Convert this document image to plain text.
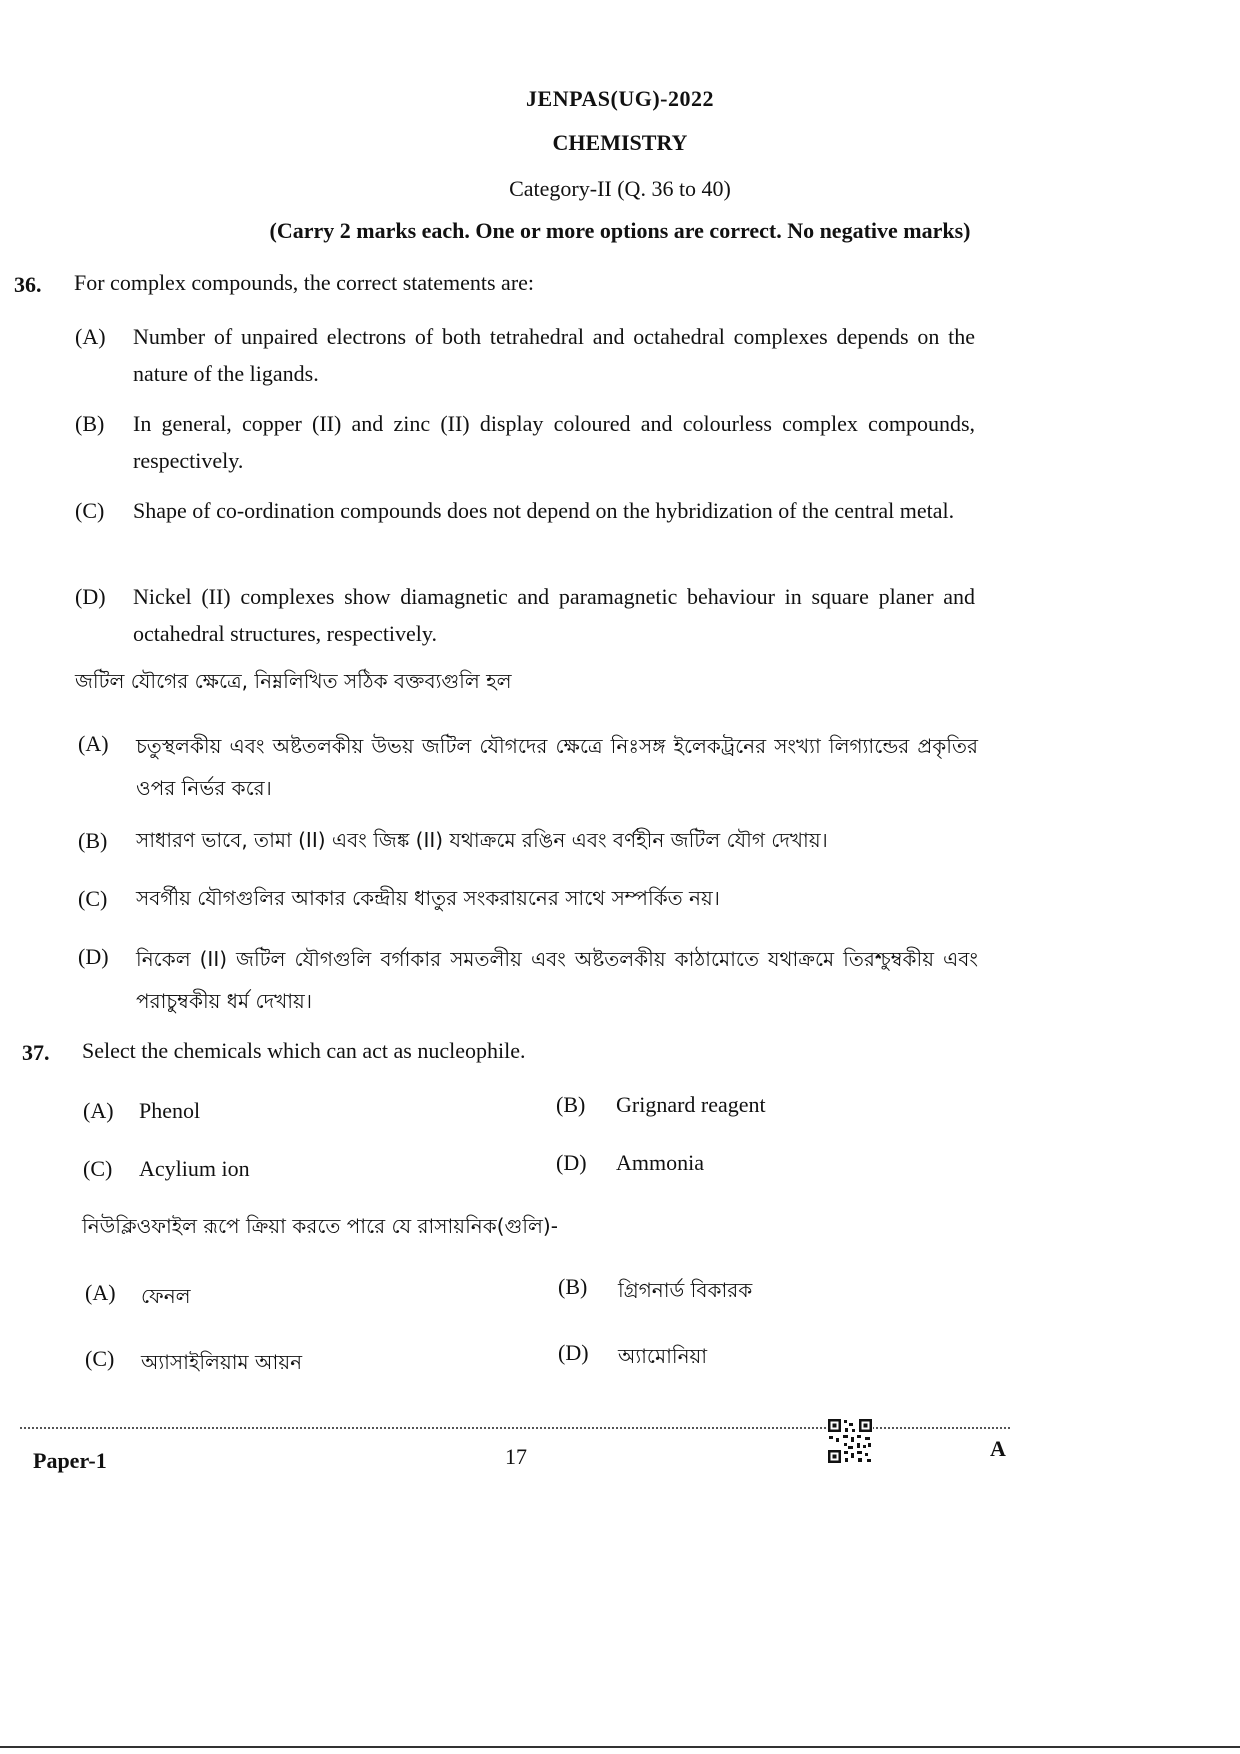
JENPAS(UG)-2022
CHEMISTRY
Category-II (Q. 36 to 40)
(Carry 2 marks each. One or more options are correct. No negative marks)
36. For complex compounds, the correct statements are:
(A) Number of unpaired electrons of both tetrahedral and octahedral complexes depends on the nature of the ligands.
(B) In general, copper (II) and zinc (II) display coloured and colourless complex compounds, respectively.
(C) Shape of co-ordination compounds does not depend on the hybridization of the central metal.
(D) Nickel (II) complexes show diamagnetic and paramagnetic behaviour in square planer and octahedral structures, respectively.
জটিল যৌগের ক্ষেত্রে, নিম্নলিখিত সঠিক বক্তব্যগুলি হল
(A) চতুস্থলকীয় এবং অষ্টতলকীয় উভয় জটিল যৌগদের ক্ষেত্রে নিঃসঙ্গ ইলেকট্রনের সংখ্যা লিগ্যান্ডের প্রকৃতির ওপর নির্ভর করে।
(B) সাধারণ ভাবে, তামা (II) এবং জিঙ্ক (II) যথাক্রমে রঙিন এবং বর্ণহীন জটিল যৌগ দেখায়।
(C) সবর্গীয় যৌগগুলির আকার কেন্দ্রীয় ধাতুর সংকরায়নের সাথে সম্পর্কিত নয়।
(D) নিকেল (II) জটিল যৌগগুলি বর্গাকার সমতলীয় এবং অষ্টতলকীয় কাঠামোতে যথাক্রমে তিরশ্চুম্বকীয় এবং পরাচুম্বকীয় ধর্ম দেখায়।
37. Select the chemicals which can act as nucleophile.
(A) Phenol	(B) Grignard reagent
(C) Acylium ion	(D) Ammonia
নিউক্লিওফাইল রূপে ক্রিয়া করতে পারে যে রাসায়নিক(গুলি)-
(A) ফেনল	(B) গ্রিগনার্ড বিকারক
(C) অ্যাসাইলিয়াম আয়ন	(D) অ্যামোনিয়া
Paper-1	17	A
